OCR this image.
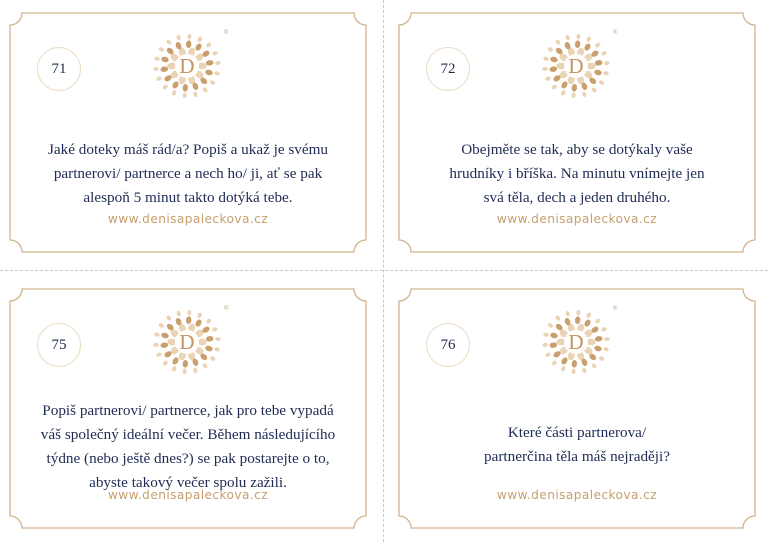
71	D
®
Jaké doteky máš rád/a? Popiš a ukaž je svému
partnerovi/ partnerce a nech ho/ ji, ať se pak
alespoň 5 minut takto dotýká tebe.
www.denisapaleckova.cz
72	D
®
Obejměte se tak, aby se dotýkaly vaše
hrudníky i bříška. Na minutu vnímejte jen
svá těla, dech a jeden druhého.
www.denisapaleckova.cz
75	D
®
Popiš partnerovi/ partnerce, jak pro tebe vypadá
váš společný ideální večer. Během následujícího
týdne (nebo ještě dnes?) se pak postarejte o to,
abyste takový večer spolu zažili.
www.denisapaleckova.cz
76	D
®
Které části partnerova/
partnerčina těla máš nejraději?
www.denisapaleckova.cz
